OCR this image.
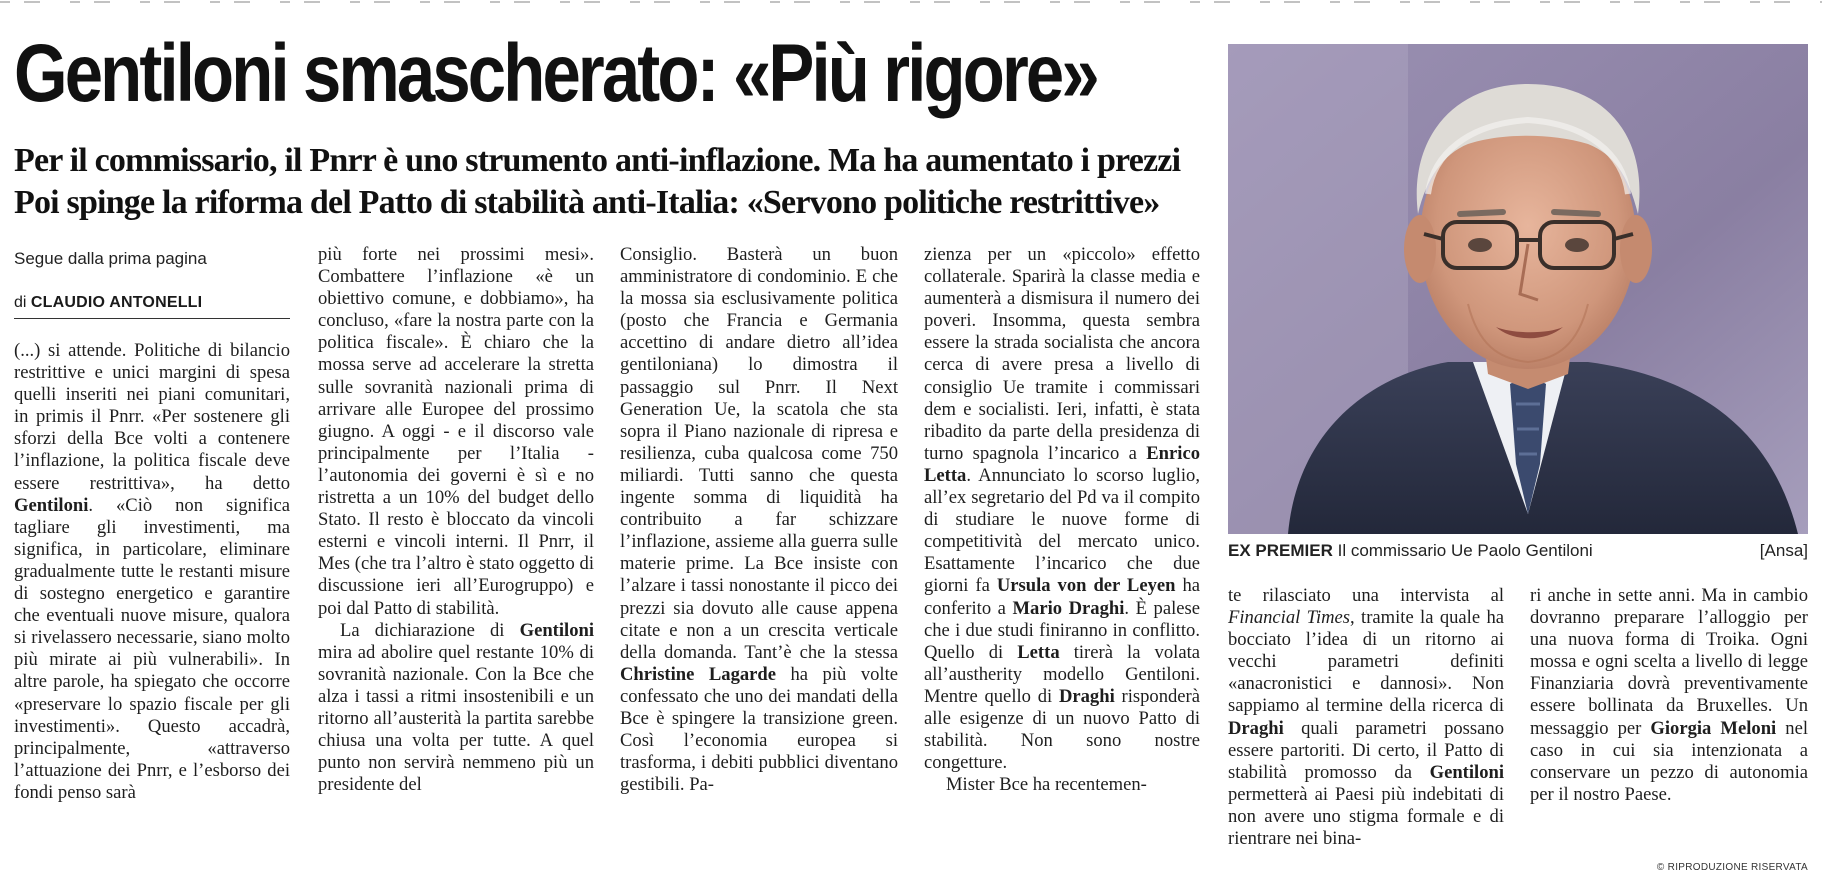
Gentiloni smascherato: «Più rigore»
Per il commissario, il Pnrr è uno strumento anti-inflazione. Ma ha aumentato i prezzi
Poi spinge la riforma del Patto di stabilità anti-Italia: «Servono politiche restrittive»
EX PREMIER Il commissario Ue Paolo Gentiloni	[Ansa]
Segue dalla prima pagina
di CLAUDIO ANTONELLI

(...) si attende. Politiche di bilancio restrittive e unici margini di spesa quelli inseriti nei piani comunitari, in primis il Pnrr. «Per sostenere gli sforzi della Bce volti a contenere l’inflazione, la politica fiscale deve essere restrittiva», ha detto Gentiloni. «Ciò non significa tagliare gli investimenti, ma significa, in particolare, eliminare gradualmente tutte le restanti misure di sostegno energetico e garantire che eventuali nuove misure, qualora si rivelassero necessarie, siano molto più mirate ai più vulnerabili». In altre parole, ha spiegato che occorre «preservare lo spazio fiscale per gli investimenti». Questo accadrà, principalmente, «attraverso l’attuazione dei Pnrr, e l’esborso dei fondi penso sarà

più forte nei prossimi mesi». Combattere l’inflazione «è un obiettivo comune, e dobbiamo», ha concluso, «fare la nostra parte con la politica fiscale». È chiaro che la mossa serve ad accelerare la stretta sulle sovranità nazionali prima di arrivare alle Europee del prossimo giugno. A oggi - e il discorso vale principalmente per l’Italia - l’autonomia dei governi è sì e no ristretta a un 10% del budget dello Stato. Il resto è bloccato da vincoli esterni e vincoli interni. Il Pnrr, il Mes (che tra l’altro è stato oggetto di discussione ieri all’Eurogruppo) e poi dal Patto di stabilità.

La dichiarazione di Gentiloni mira ad abolire quel restante 10% di sovranità nazionale. Con la Bce che alza i tassi a ritmi insostenibili e un ritorno all’austerità la partita sarebbe chiusa una volta per tutte. A quel punto non servirà nemmeno più un presidente del

Consiglio. Basterà un buon amministratore di condominio. E che la mossa sia esclusivamente politica (posto che Francia e Germania accettino di andare dietro all’idea gentiloniana) lo dimostra il passaggio sul Pnrr. Il Next Generation Ue, la scatola che sta sopra il Piano nazionale di ripresa e resilienza, cuba qualcosa come 750 miliardi. Tutti sanno che questa ingente somma di liquidità ha contribuito a far schizzare l’inflazione, assieme alla guerra sulle materie prime. La Bce insiste con l’alzare i tassi nonostante il picco dei prezzi sia dovuto alle cause appena citate e non a un crescita verticale della domanda. Tant’è che la stessa Christine Lagarde ha più volte confessato che uno dei mandati della Bce è spingere la transizione green. Così l’economia europea si trasforma, i debiti pubblici diventano gestibili. Pa-

zienza per un «piccolo» effetto collaterale. Sparirà la classe media e aumenterà a dismisura il numero dei poveri. Insomma, questa sembra essere la strada socialista che ancora cerca di avere presa a livello di consiglio Ue tramite i commissari dem e socialisti. Ieri, infatti, è stata ribadito da parte della presidenza di turno spagnola l’incarico a Enrico Letta. Annunciato lo scorso luglio, all’ex segretario del Pd va il compito di studiare le nuove forme di competitività del mercato unico. Esattamente l’incarico che due giorni fa Ursula von der Leyen ha conferito a Mario Draghi. È palese che i due studi finiranno in conflitto. Quello di Letta tirerà la volata all’austherity modello Gentiloni. Mentre quello di Draghi risponderà alle esigenze di un nuovo Patto di stabilità. Non sono nostre congetture.

Mister Bce ha recentemen-

te rilasciato una intervista al Financial Times, tramite la quale ha bocciato l’idea di un ritorno ai vecchi parametri definiti «anacronistici e dannosi». Non sappiamo al termine della ricerca di Draghi quali parametri possano essere partoriti. Di certo, il Patto di stabilità promosso da Gentiloni permetterà ai Paesi più indebitati di non avere uno stigma formale e di rientrare nei bina-

ri anche in sette anni. Ma in cambio dovranno preparare l’alloggio per una nuova forma di Troika. Ogni mossa e ogni scelta a livello di legge Finanziaria dovrà preventivamente essere bollinata da Bruxelles. Un messaggio per Giorgia Meloni nel caso in cui sia intenzionata a conservare un pezzo di autonomia per il nostro Paese.

© RIPRODUZIONE RISERVATA
